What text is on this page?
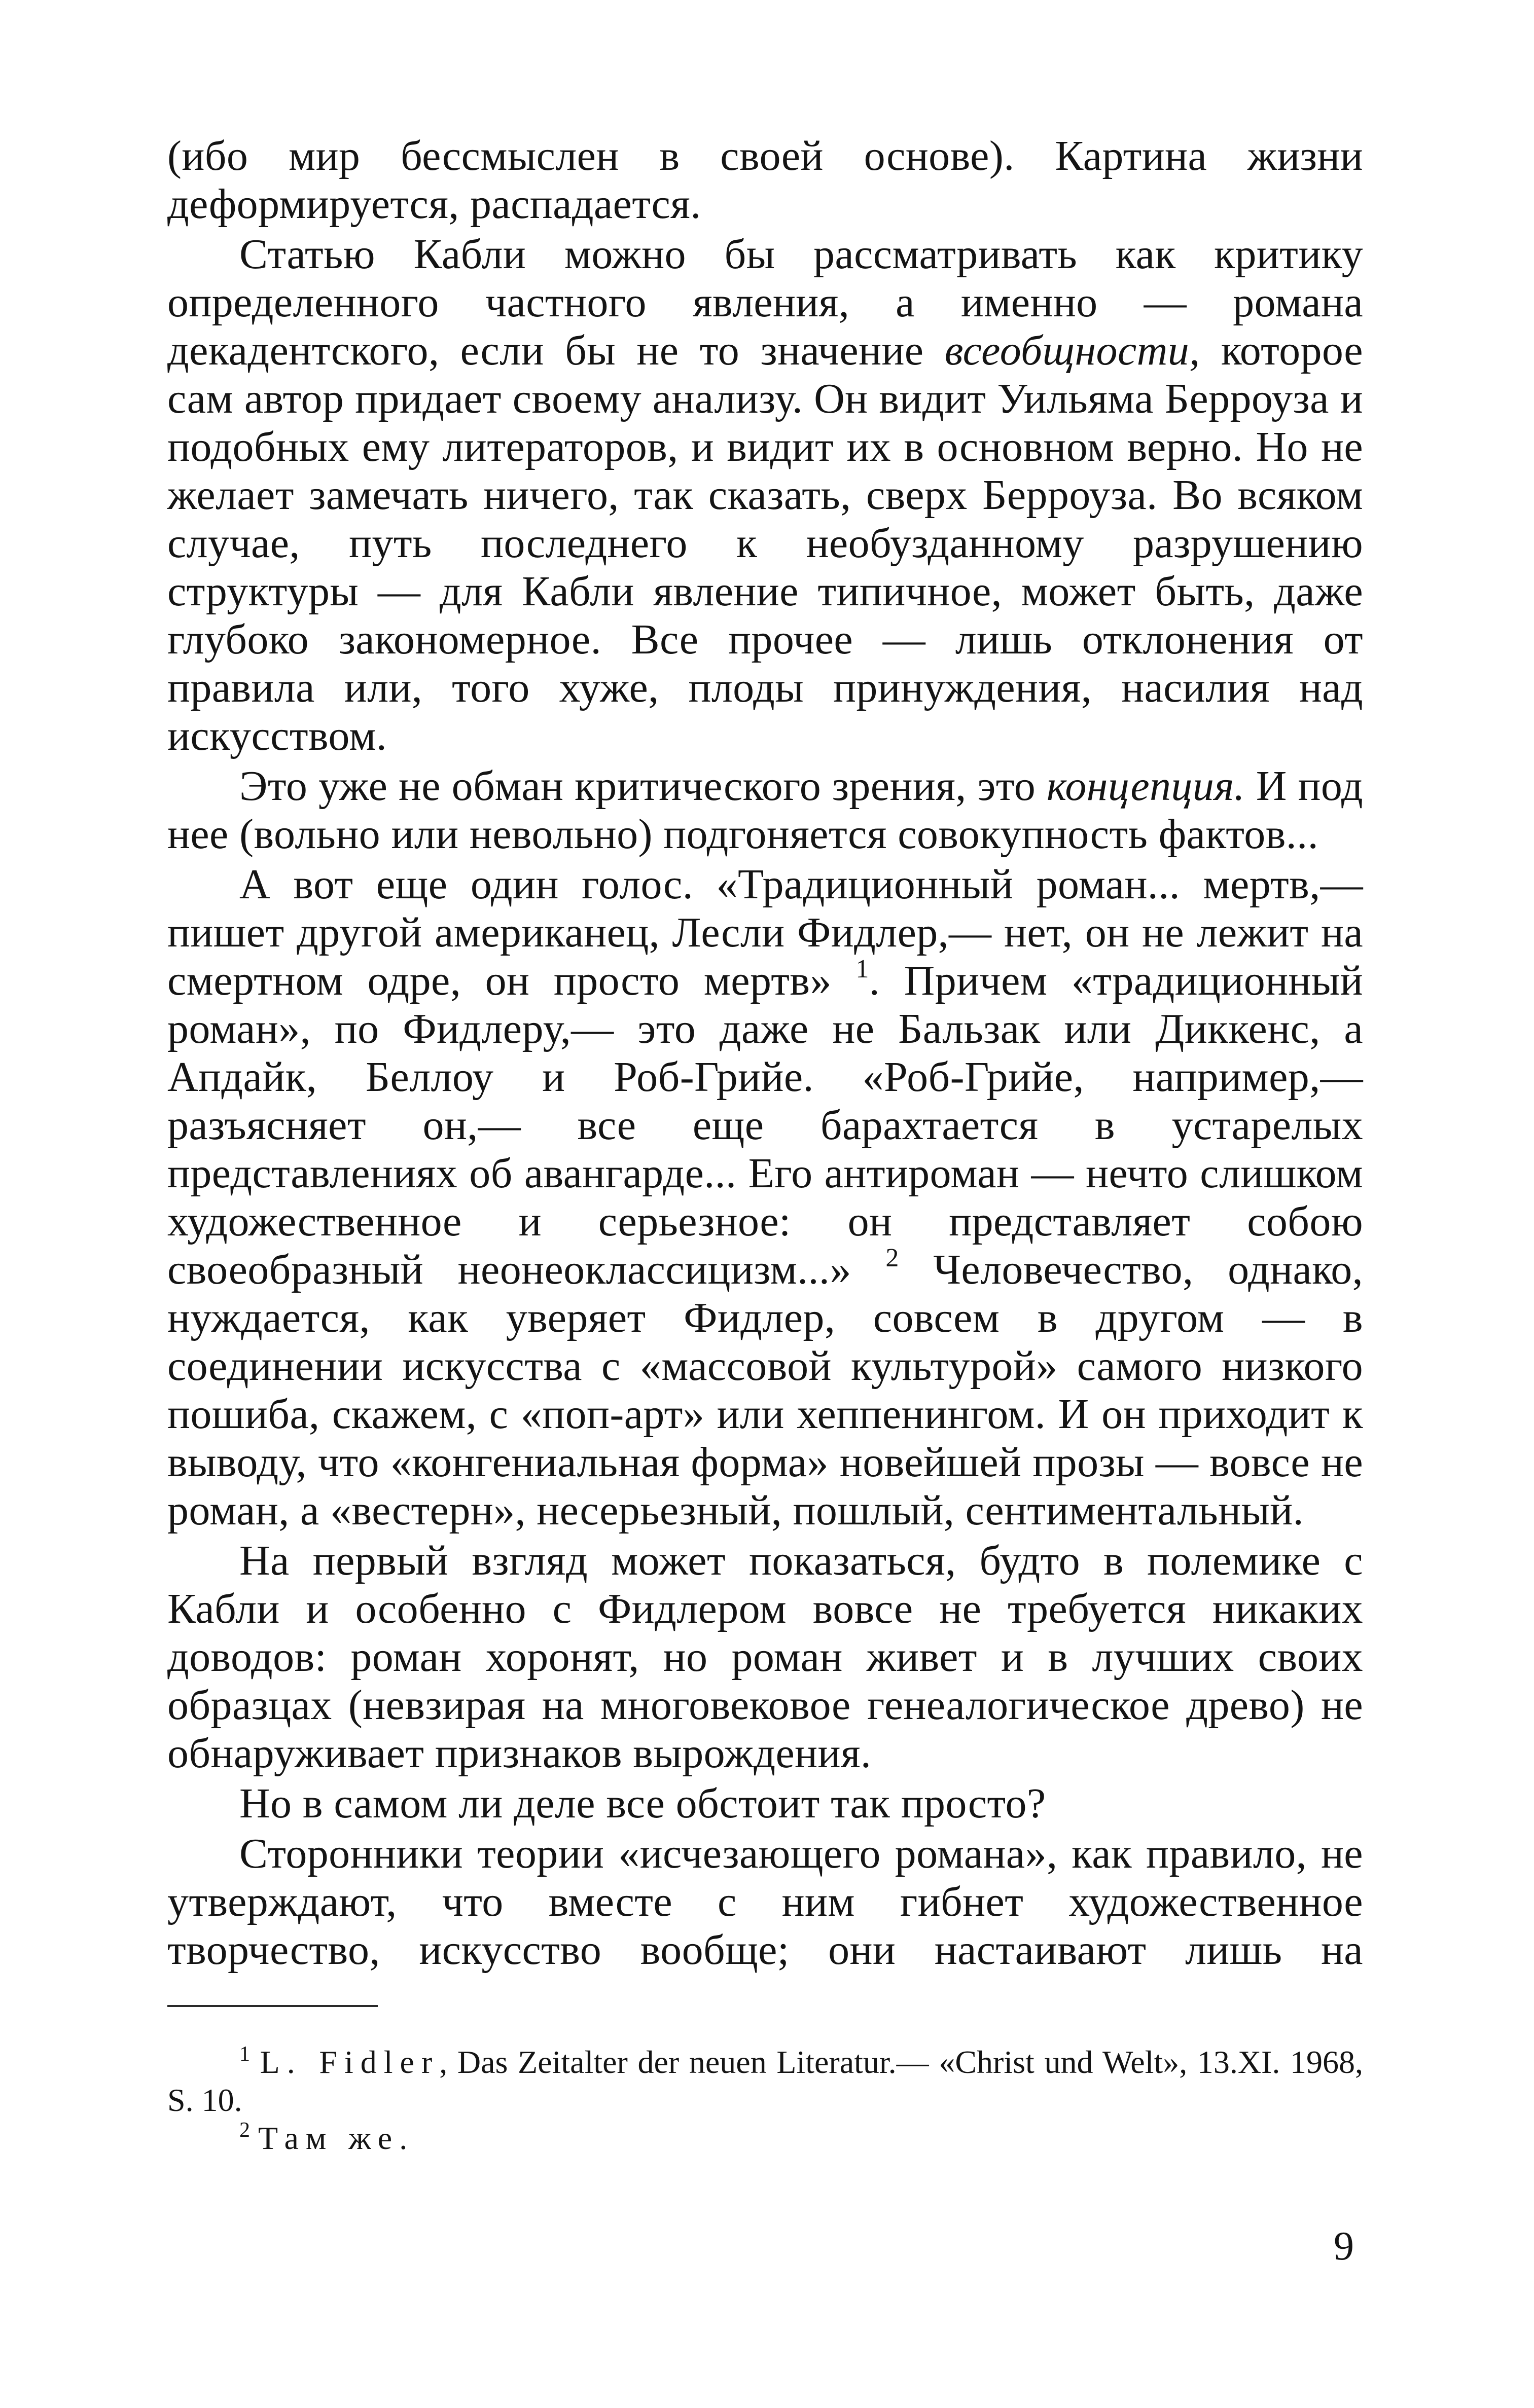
(ибо мир бессмыслен в своей основе). Картина жизни деформируется, распадается.

Статью Кабли можно бы рассматривать как критику определенного частного явления, а именно — романа декадентского, если бы не то значение всеобщности, которое сам автор придает своему анализу. Он видит Уильяма Берроуза и подобных ему литераторов, и видит их в основном верно. Но не желает замечать ничего, так сказать, сверх Берроуза. Во всяком случае, путь последнего к необузданному разрушению структуры — для Кабли явление типичное, может быть, даже глубоко закономерное. Все прочее — лишь отклонения от правила или, того хуже, плоды принуждения, насилия над искусством.

Это уже не обман критического зрения, это концепция. И под нее (вольно или невольно) подгоняется совокупность фактов...

А вот еще один голос. «Традиционный роман... мертв,— пишет другой американец, Лесли Фидлер,— нет, он не лежит на смертном одре, он просто мертв» $^1$. Причем «традиционный роман», по Фидлеру,— это даже не Бальзак или Диккенс, а Апдайк, Беллоу и Роб-Грийе. «Роб-Грийе, например,— разъясняет он,— все еще барахтается в устарелых представлениях об авангарде... Его антироман — нечто слишком художественное и серьезное: он представляет собою своеобразный неонеоклассицизм...» $^2$ Человечество, однако, нуждается, как уверяет Фидлер, совсем в другом — в соединении искусства с «массовой культурой» самого низкого пошиба, скажем, с «поп-арт» или хеппенингом. И он приходит к выводу, что «конгениальная форма» новейшей прозы — вовсе не роман, а «вестерн», несерьезный, пошлый, сентиментальный.

На первый взгляд может показаться, будто в полемике с Кабли и особенно с Фидлером вовсе не требуется никаких доводов: роман хоронят, но роман живет и в лучших своих образцах (невзирая на многовековое генеалогическое древо) не обнаруживает признаков вырождения.

Но в самом ли деле все обстоит так просто?

Сторонники теории «исчезающего романа», как правило, не утверждают, что вместе с ним гибнет художественное творчество, искусство вообще; они настаивают лишь на

$^1$ L. Fidler, Das Zeitalter der neuen Literatur.— «Christ und Welt», 13.XI. 1968, S. 10.

$^2$ Там же.

9
